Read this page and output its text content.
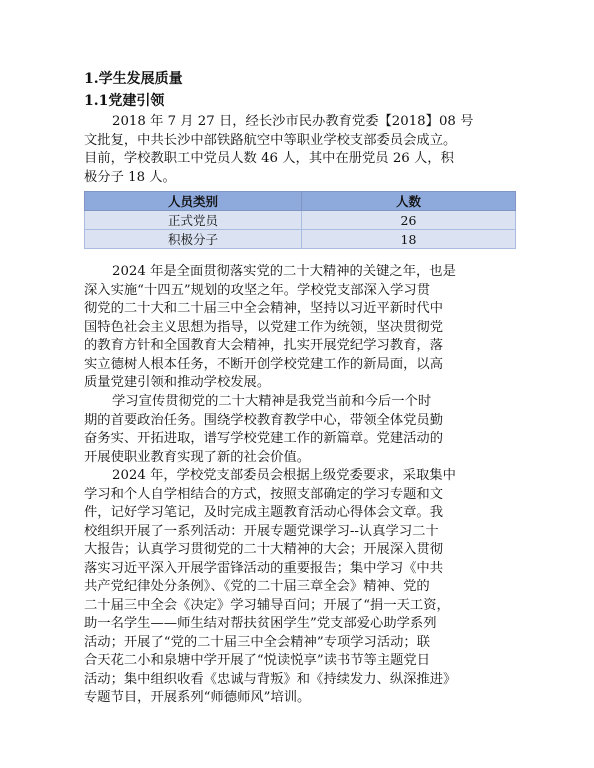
1.学生发展质量

1.1党建引领

2018 年 7 月 27 日，经长沙市民办教育党委【2018】08 号
文批复，中共长沙中部铁路航空中等职业学校支部委员会成立。
目前，学校教职工中党员人数 46 人，其中在册党员 26 人，积
极分子 18 人。
人员类别	人数
正式党员	26
积极分子	18
2024 年是全面贯彻落实党的二十大精神的关键之年，也是
深入实施“十四五”规划的攻坚之年。学校党支部深入学习贯
彻党的二十大和二十届三中全会精神，坚持以习近平新时代中
国特色社会主义思想为指导，以党建工作为统领，坚决贯彻党
的教育方针和全国教育大会精神，扎实开展党纪学习教育，落
实立德树人根本任务，不断开创学校党建工作的新局面，以高
质量党建引领和推动学校发展。
学习宣传贯彻党的二十大精神是我党当前和今后一个时
期的首要政治任务。围绕学校教育教学中心，带领全体党员勤
奋务实、开拓进取，谱写学校党建工作的新篇章。党建活动的
开展使职业教育实现了新的社会价值。
2024 年，学校党支部委员会根据上级党委要求，采取集中
学习和个人自学相结合的方式，按照支部确定的学习专题和文
件，记好学习笔记，及时完成主题教育活动心得体会文章。我
校组织开展了一系列活动：开展专题党课学习--认真学习二十
大报告；认真学习贯彻党的二十大精神的大会；开展深入贯彻
落实习近平深入开展学雷锋活动的重要报告；集中学习《中共
共产党纪律处分条例》、《党的二十届三章全会》精神、党的
二十届三中全会《决定》学习辅导百问；开展了“捐一天工资，
助一名学生——师生结对帮扶贫困学生”党支部爱心助学系列
活动；开展了“党的二十届三中全会精神”专项学习活动；联
合天花二小和泉塘中学开展了“悦读悦享”读书节等主题党日
活动；集中组织收看《忠诚与背叛》和《持续发力、纵深推进》
专题节目，开展系列“师德师风”培训。
